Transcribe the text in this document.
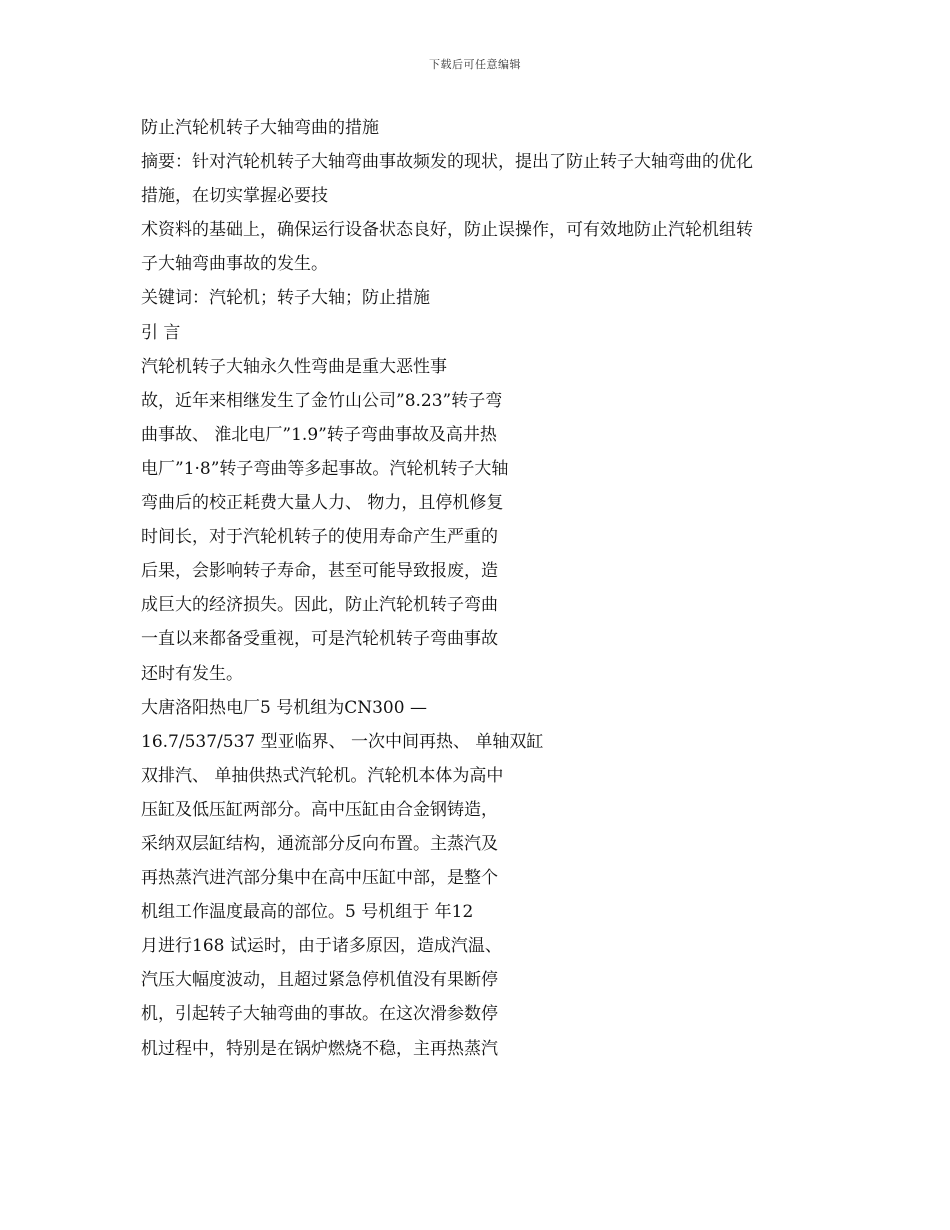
下载后可任意编辑

防止汽轮机转子大轴弯曲的措施

摘要：针对汽轮机转子大轴弯曲事故频发的现状，提出了防止转子大轴弯曲的优化

措施，在切实掌握必要技

术资料的基础上，确保运行设备状态良好，防止误操作，可有效地防止汽轮机组转

子大轴弯曲事故的发生。

关键词：汽轮机；转子大轴；防止措施

引 言

汽轮机转子大轴永久性弯曲是重大恶性事

故，近年来相继发生了金竹山公司”8.23”转子弯

曲事故、 淮北电厂”1.9”转子弯曲事故及高井热

电厂”1·8”转子弯曲等多起事故。汽轮机转子大轴

弯曲后的校正耗费大量人力、 物力，且停机修复

时间长，对于汽轮机转子的使用寿命产生严重的

后果，会影响转子寿命，甚至可能导致报废，造

成巨大的经济损失。因此，防止汽轮机转子弯曲

一直以来都备受重视，可是汽轮机转子弯曲事故

还时有发生。

大唐洛阳热电厂5 号机组为CN300 —

16.7/537/537 型亚临界、 一次中间再热、 单轴双缸

双排汽、 单抽供热式汽轮机。汽轮机本体为高中

压缸及低压缸两部分。高中压缸由合金钢铸造，

采纳双层缸结构，通流部分反向布置。主蒸汽及

再热蒸汽进汽部分集中在高中压缸中部，是整个

机组工作温度最高的部位。5 号机组于 年12

月进行168 试运时，由于诸多原因，造成汽温、

汽压大幅度波动，且超过紧急停机值没有果断停

机，引起转子大轴弯曲的事故。在这次滑参数停

机过程中，特别是在锅炉燃烧不稳，主再热蒸汽
